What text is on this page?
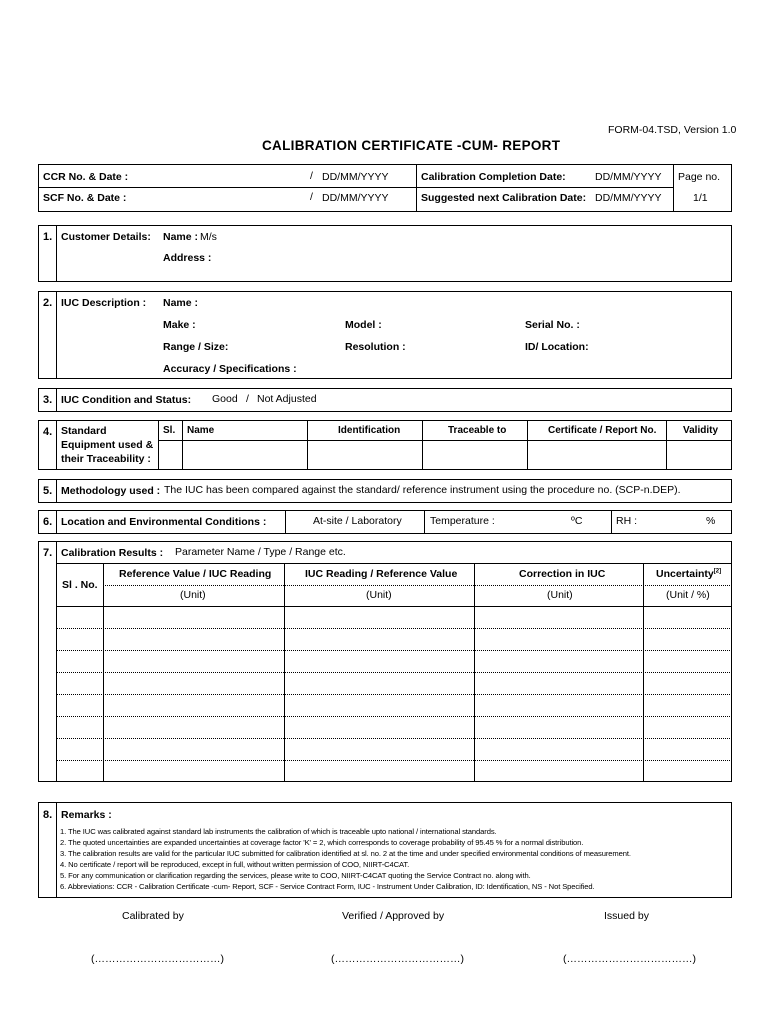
FORM-04.TSD, Version 1.0
CALIBRATION CERTIFICATE -CUM- REPORT
CCR No. & Date :	/ DD/MM/YYYY
SCF No. & Date :	/ DD/MM/YYYY
Calibration Completion Date:	DD/MM/YYYY
Suggested next Calibration Date: DD/MM/YYYY
Page no.
1/1
1. Customer Details: Name : M/s
Address :
2. IUC Description : Name :
Make :	Model :	Serial No. :
Range / Size:	Resolution :	ID/ Location:
Accuracy / Specifications :
3. IUC Condition and Status: Good / Not Adjusted
4. Standard
Equipment used &
their Traceability :
Sl. Name	Identification	Traceable to	Certificate / Report No.	Validity
5. Methodology used : The IUC has been compared against the standard/ reference instrument using the procedure no. (SCP-n.DEP).
6. Location and Environmental Conditions :	At-site / Laboratory	Temperature :	ºC	RH :	%
7. Calibration Results : Parameter Name / Type / Range etc.
Sl . No.
Reference Value / IUC Reading	IUC Reading / Reference Value	Correction in IUC	Uncertainty[2]
(Unit)	(Unit)	(Unit)	(Unit / %)
8. Remarks :
1. The IUC was calibrated against standard lab instruments the calibration of which is traceable upto national / international standards.
2. The quoted uncertainties are expanded uncertainties at coverage factor 'K' = 2, which corresponds to coverage probability of 95.45 % for a normal distribution.
3. The calibration results are valid for the particular IUC submitted for calibration identified at sl. no. 2 at the time and under specified environmental conditions of measurement.
4. No certificate / report will be reproduced, except in full, without written permission of COO, NIIRT-C4CAT.
5. For any communication or clarification regarding the services, please write to COO, NIIRT-C4CAT quoting the Service Contract no. along with.
6. Abbreviations: CCR - Calibration Certificate -cum- Report, SCF - Service Contract Form, IUC - Instrument Under Calibration, ID: Identification, NS - Not Specified.
Calibrated by	Verified / Approved by	Issued by
(………………………………)	(………………………………)	(………………………………)
